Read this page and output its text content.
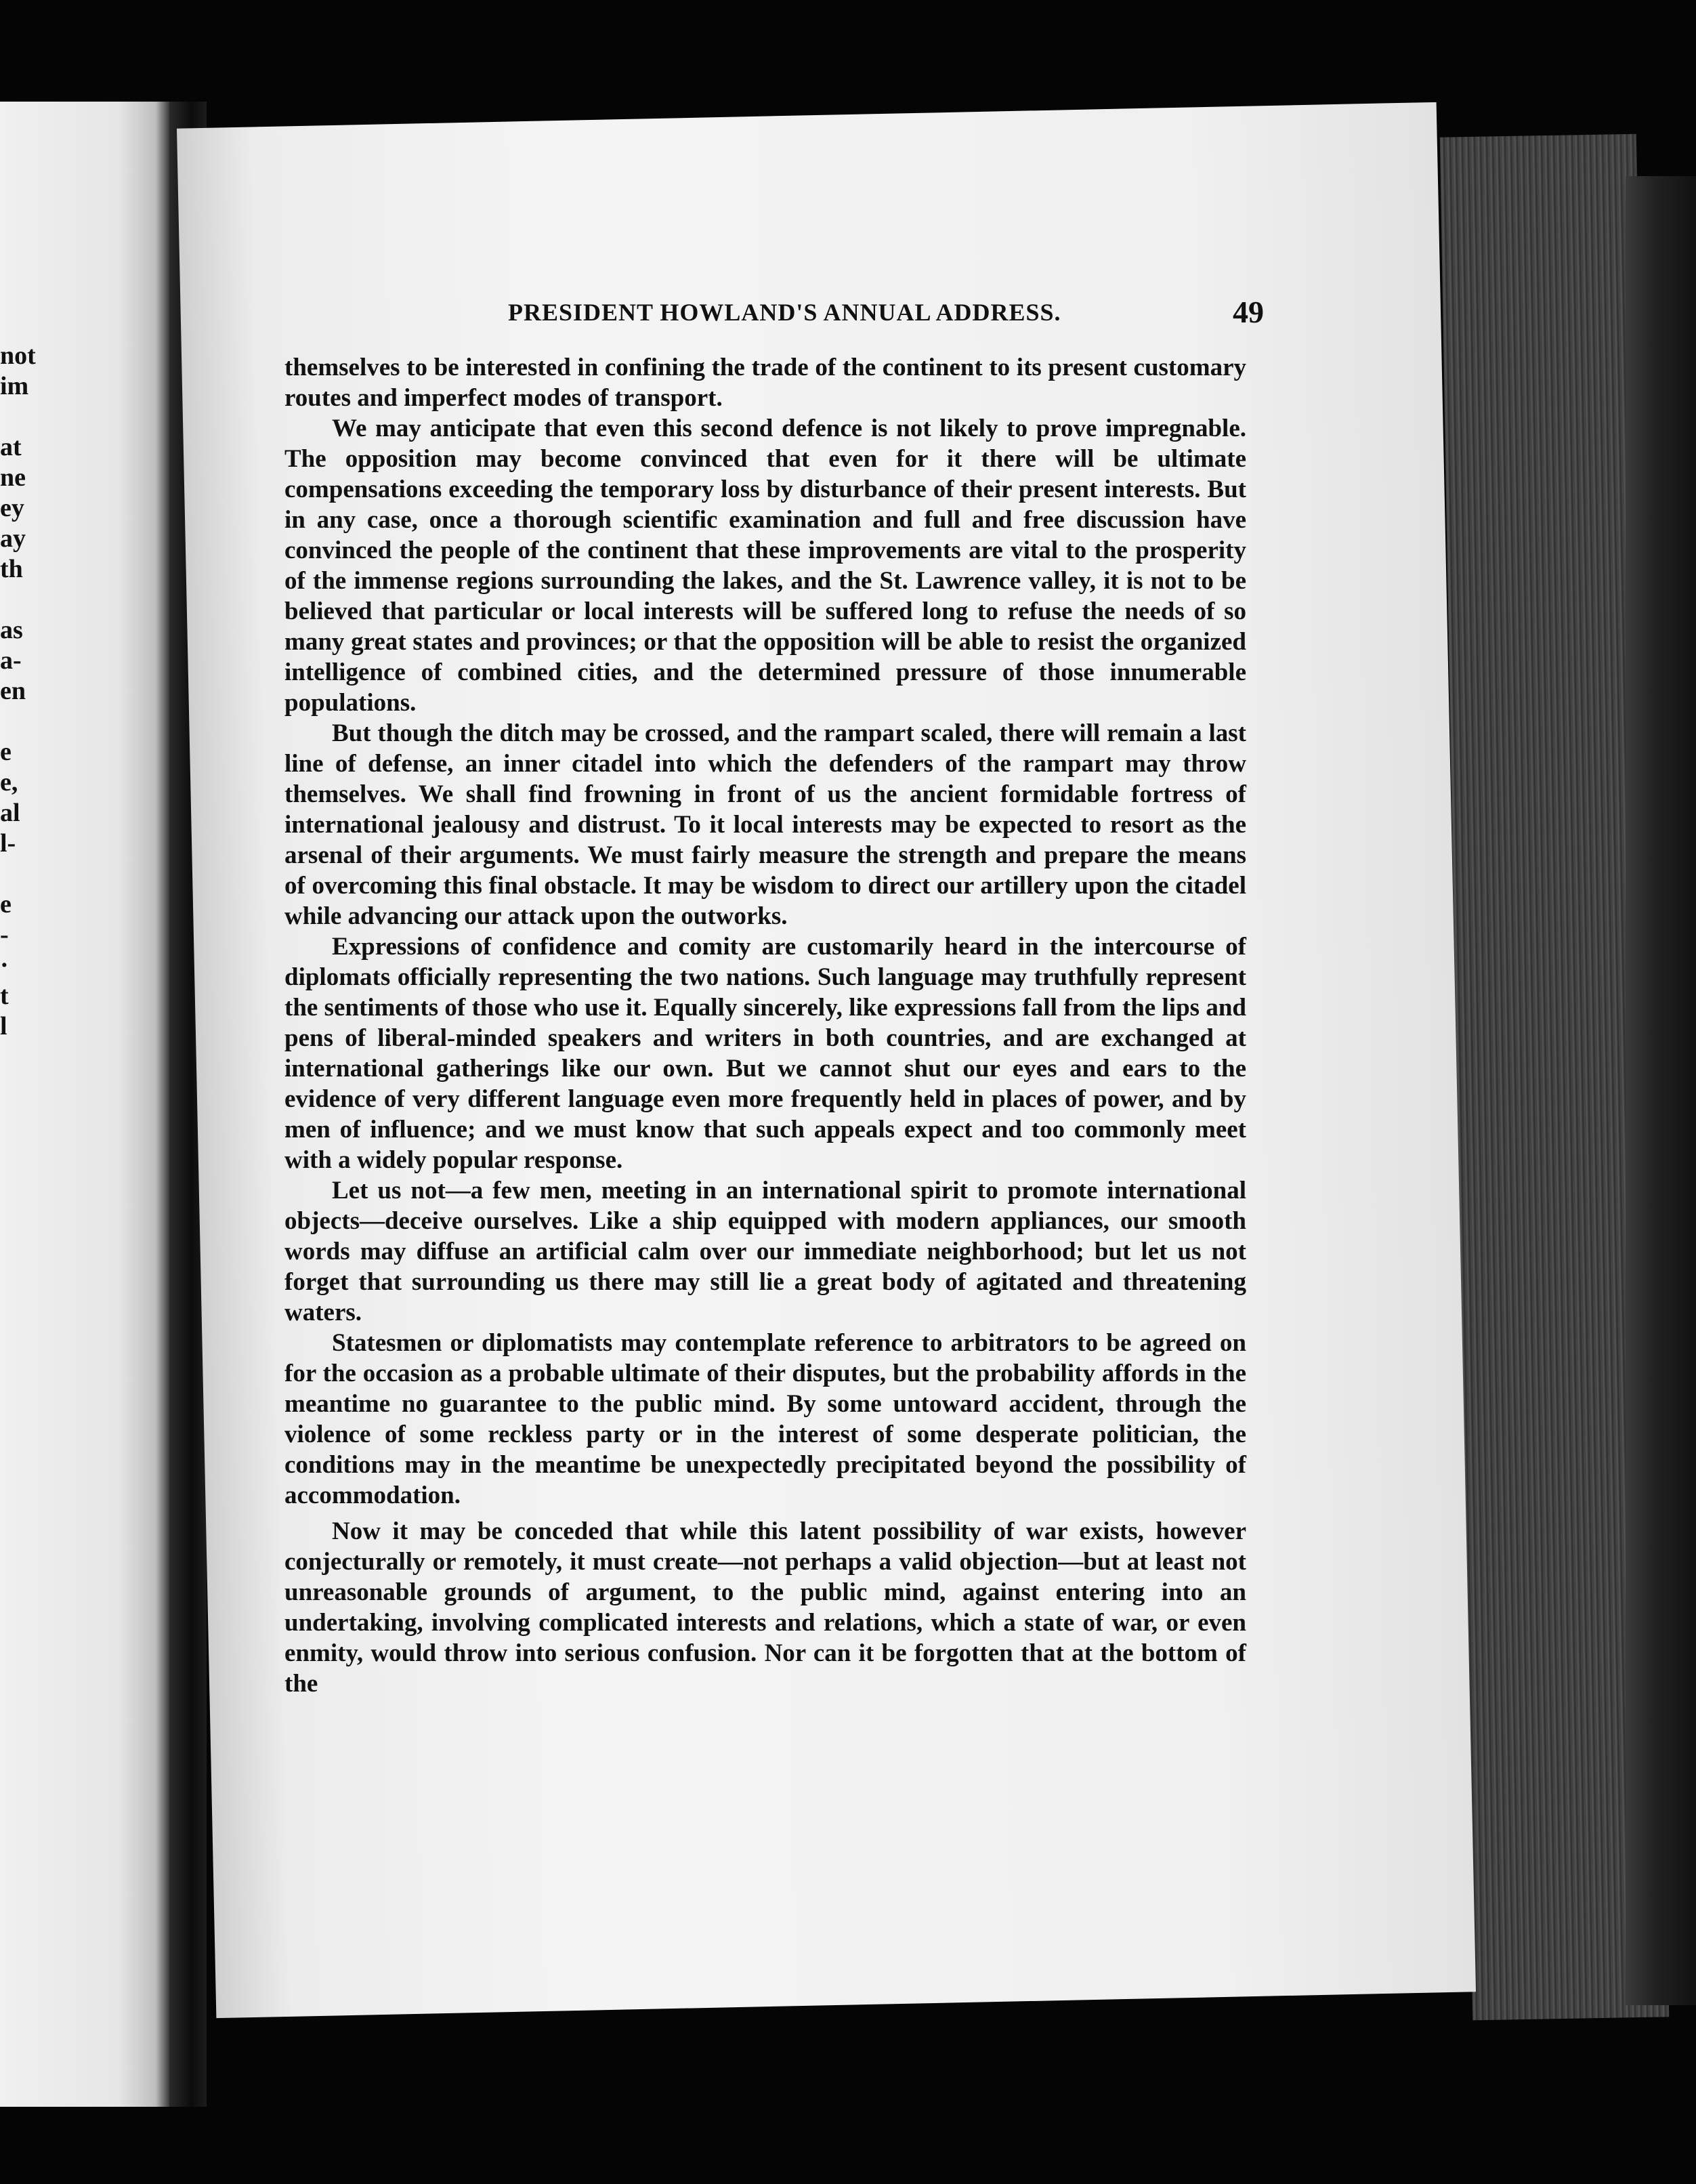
not
im
at
ne
ey
ay
th
as
a-
en
e
e,
al
l-
e
-
·
t
l
PRESIDENT HOWLAND'S ANNUAL ADDRESS.	49

themselves to be interested in confining the trade of the continent to its present customary routes and imperfect modes of transport.

We may anticipate that even this second defence is not likely to prove impregnable. The opposition may become convinced that even for it there will be ultimate compensations exceeding the temporary loss by disturbance of their present interests. But in any case, once a thorough scientific examination and full and free discussion have convinced the people of the continent that these improvements are vital to the prosperity of the immense regions surrounding the lakes, and the St. Lawrence valley, it is not to be believed that particular or local interests will be suffered long to refuse the needs of so many great states and provinces; or that the opposition will be able to resist the organized intelligence of combined cities, and the determined pressure of those innumerable populations.

But though the ditch may be crossed, and the rampart scaled, there will remain a last line of defense, an inner citadel into which the defenders of the rampart may throw themselves. We shall find frowning in front of us the ancient formidable fortress of international jealousy and distrust. To it local interests may be expected to resort as the arsenal of their arguments. We must fairly measure the strength and prepare the means of overcoming this final obstacle. It may be wisdom to direct our artillery upon the citadel while advancing our attack upon the outworks.

Expressions of confidence and comity are customarily heard in the intercourse of diplomats officially representing the two nations. Such language may truthfully represent the sentiments of those who use it. Equally sincerely, like expressions fall from the lips and pens of liberal-minded speakers and writers in both countries, and are exchanged at international gatherings like our own. But we cannot shut our eyes and ears to the evidence of very different language even more frequently held in places of power, and by men of influence; and we must know that such appeals expect and too commonly meet with a widely popular response.

Let us not—a few men, meeting in an international spirit to promote international objects—deceive ourselves. Like a ship equipped with modern appliances, our smooth words may diffuse an artificial calm over our immediate neighborhood; but let us not forget that surrounding us there may still lie a great body of agitated and threatening waters.

Statesmen or diplomatists may contemplate reference to arbitrators to be agreed on for the occasion as a probable ultimate of their disputes, but the probability affords in the meantime no guarantee to the public mind. By some untoward accident, through the violence of some reckless party or in the interest of some desperate politician, the conditions may in the meantime be unexpectedly precipitated beyond the possibility of accommodation.

Now it may be conceded that while this latent possibility of war exists, however conjecturally or remotely, it must create—not perhaps a valid objection—but at least not unreasonable grounds of argument, to the public mind, against entering into an undertaking, involving complicated interests and relations, which a state of war, or even enmity, would throw into serious confusion. Nor can it be forgotten that at the bottom of the
